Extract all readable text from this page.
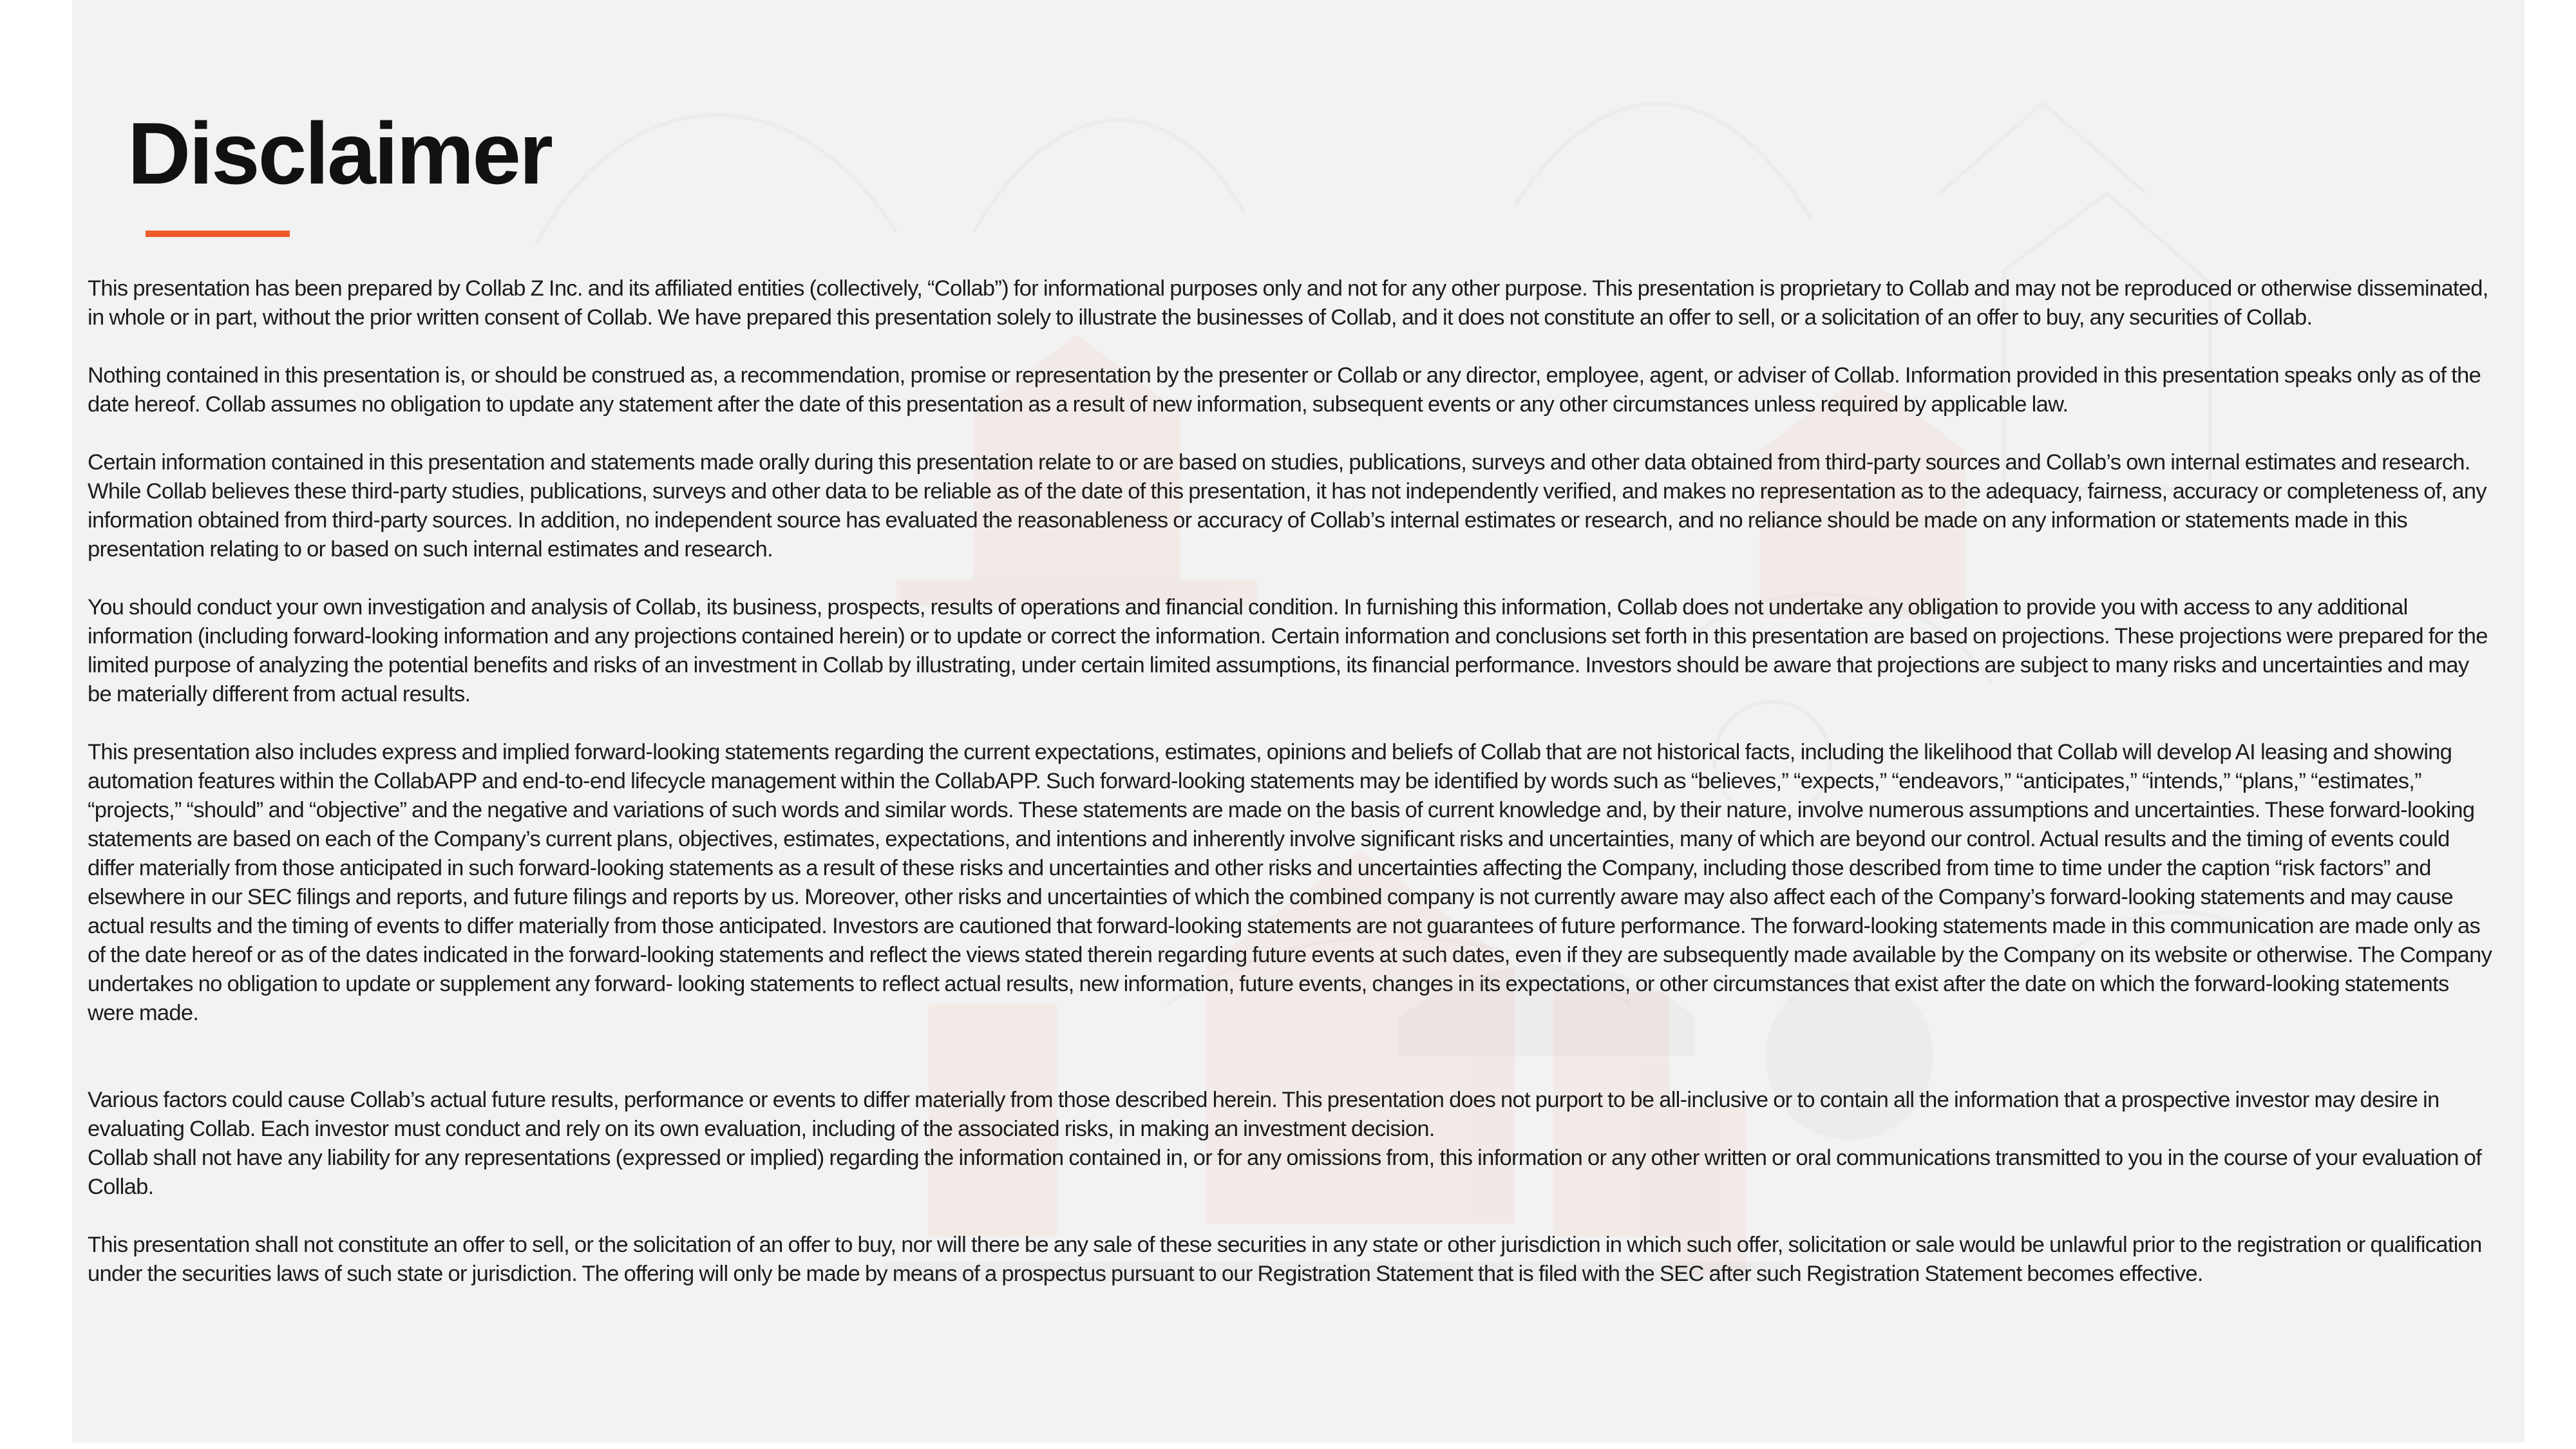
Disclaimer

This presentation has been prepared by Collab Z Inc. and its affiliated entities (collectively, “Collab”) for informational purposes only and not for any other purpose. This presentation is proprietary to Collab and may not be reproduced or otherwise disseminated, in whole or in part, without the prior written consent of Collab. We have prepared this presentation solely to illustrate the businesses of Collab, and it does not constitute an offer to sell, or a solicitation of an offer to buy, any securities of Collab.

Nothing contained in this presentation is, or should be construed as, a recommendation, promise or representation by the presenter or Collab or any director, employee, agent, or adviser of Collab. Information provided in this presentation speaks only as of the date hereof. Collab assumes no obligation to update any statement after the date of this presentation as a result of new information, subsequent events or any other circumstances unless required by applicable law.

Certain information contained in this presentation and statements made orally during this presentation relate to or are based on studies, publications, surveys and other data obtained from third-party sources and Collab’s own internal estimates and research. While Collab believes these third-party studies, publications, surveys and other data to be reliable as of the date of this presentation, it has not independently verified, and makes no representation as to the adequacy, fairness, accuracy or completeness of, any information obtained from third-party sources. In addition, no independent source has evaluated the reasonableness or accuracy of Collab’s internal estimates or research, and no reliance should be made on any information or statements made in this presentation relating to or based on such internal estimates and research.

You should conduct your own investigation and analysis of Collab, its business, prospects, results of operations and financial condition. In furnishing this information, Collab does not undertake any obligation to provide you with access to any additional information (including forward-looking information and any projections contained herein) or to update or correct the information. Certain information and conclusions set forth in this presentation are based on projections. These projections were prepared for the limited purpose of analyzing the potential benefits and risks of an investment in Collab by illustrating, under certain limited assumptions, its financial performance. Investors should be aware that projections are subject to many risks and uncertainties and may be materially different from actual results.

This presentation also includes express and implied forward-looking statements regarding the current expectations, estimates, opinions and beliefs of Collab that are not historical facts, including the likelihood that Collab will develop AI leasing and showing automation features within the CollabAPP and end-to-end lifecycle management within the CollabAPP. Such forward-looking statements may be identified by words such as “believes,” “expects,” “endeavors,” “anticipates,” “intends,” “plans,” “estimates,” “projects,” “should” and “objective” and the negative and variations of such words and similar words. These statements are made on the basis of current knowledge and, by their nature, involve numerous assumptions and uncertainties. These forward-looking statements are based on each of the Company’s current plans, objectives, estimates, expectations, and intentions and inherently involve significant risks and uncertainties, many of which are beyond our control. Actual results and the timing of events could differ materially from those anticipated in such forward-looking statements as a result of these risks and uncertainties and other risks and uncertainties affecting the Company, including those described from time to time under the caption “risk factors” and elsewhere in our SEC filings and reports, and future filings and reports by us. Moreover, other risks and uncertainties of which the combined company is not currently aware may also affect each of the Company’s forward-looking statements and may cause actual results and the timing of events to differ materially from those anticipated. Investors are cautioned that forward-looking statements are not guarantees of future performance. The forward-looking statements made in this communication are made only as of the date hereof or as of the dates indicated in the forward-looking statements and reflect the views stated therein regarding future events at such dates, even if they are subsequently made available by the Company on its website or otherwise. The Company undertakes no obligation to update or supplement any forward- looking statements to reflect actual results, new information, future events, changes in its expectations, or other circumstances that exist after the date on which the forward-looking statements were made.

Various factors could cause Collab’s actual future results, performance or events to differ materially from those described herein. This presentation does not purport to be all-inclusive or to contain all the information that a prospective investor may desire in evaluating Collab. Each investor must conduct and rely on its own evaluation, including of the associated risks, in making an investment decision.

Collab shall not have any liability for any representations (expressed or implied) regarding the information contained in, or for any omissions from, this information or any other written or oral communications transmitted to you in the course of your evaluation of Collab.

This presentation shall not constitute an offer to sell, or the solicitation of an offer to buy, nor will there be any sale of these securities in any state or other jurisdiction in which such offer, solicitation or sale would be unlawful prior to the registration or qualification under the securities laws of such state or jurisdiction. The offering will only be made by means of a prospectus pursuant to our Registration Statement that is filed with the SEC after such Registration Statement becomes effective.
